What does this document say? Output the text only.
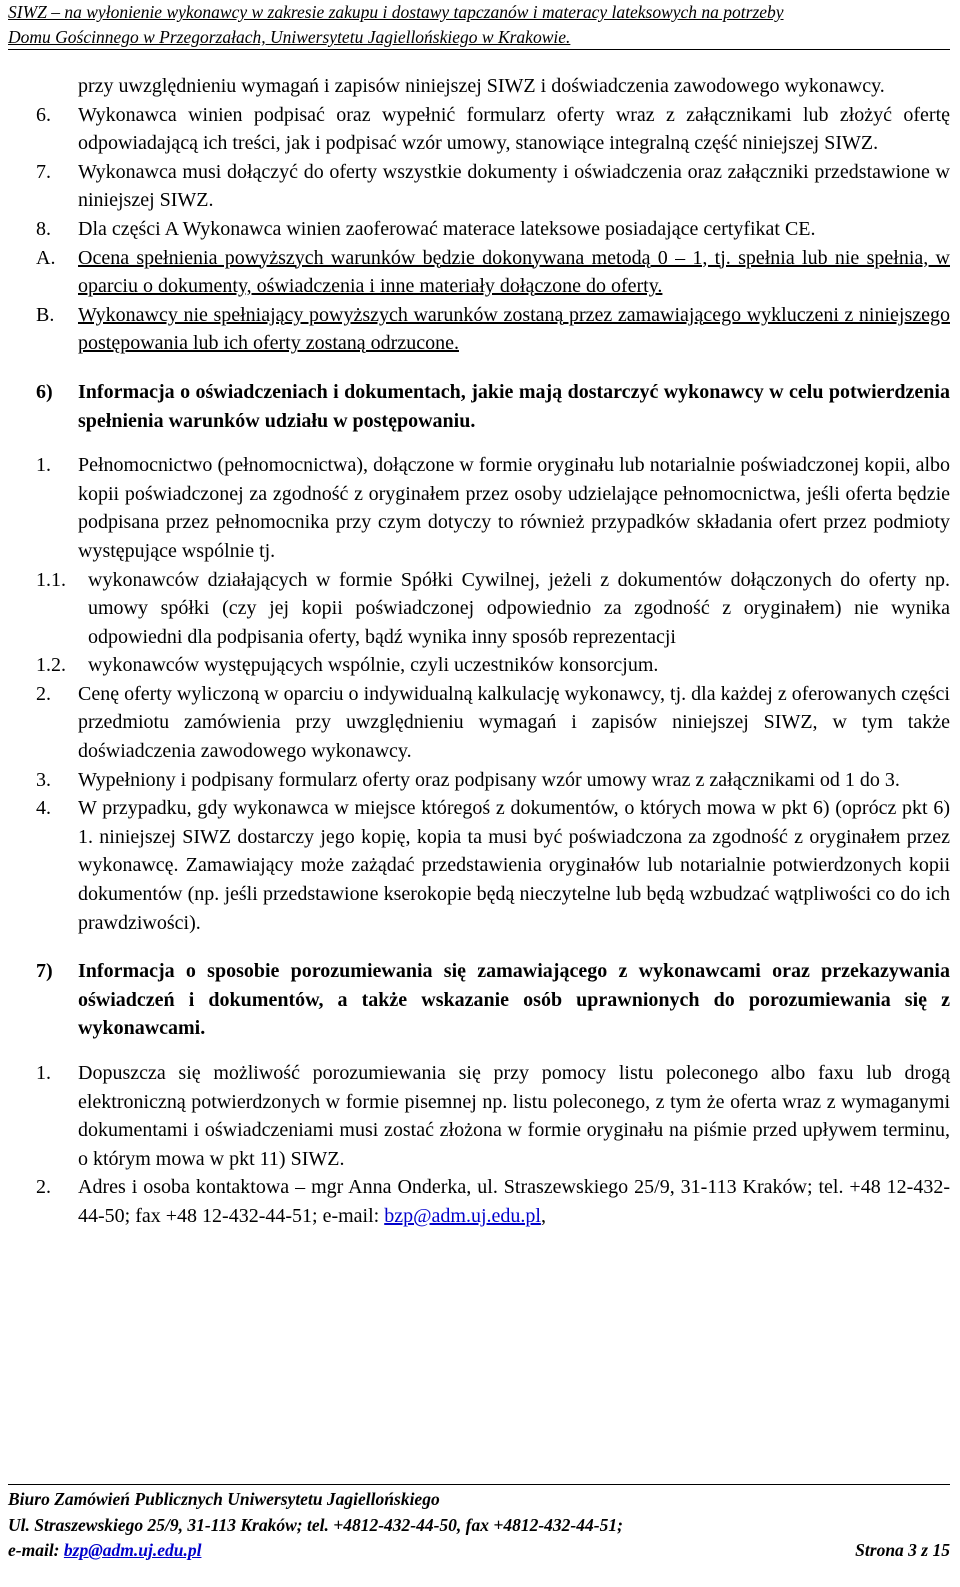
SIWZ – na wyłonienie wykonawcy w zakresie zakupu i dostawy tapczanów i materacy lateksowych na potrzeby
Domu Gościnnego w Przegorzałach, Uniwersytetu Jagiellońskiego w Krakowie.
przy uwzględnieniu wymagań i zapisów niniejszej SIWZ i doświadczenia zawodowego wykonawcy.
6.	Wykonawca winien podpisać oraz wypełnić formularz oferty wraz z załącznikami lub złożyć ofertę odpowiadającą ich treści, jak i podpisać wzór umowy, stanowiące integralną część niniejszej SIWZ.
7.	Wykonawca musi dołączyć do oferty wszystkie dokumenty i oświadczenia oraz załączniki przedstawione w niniejszej SIWZ.
8.	Dla części A Wykonawca winien zaoferować materace lateksowe posiadające certyfikat CE.
A.	Ocena spełnienia powyższych warunków będzie dokonywana metodą 0 – 1, tj. spełnia lub nie spełnia, w oparciu o dokumenty, oświadczenia i inne materiały dołączone do oferty.
B.	Wykonawcy nie spełniający powyższych warunków zostaną przez zamawiającego wykluczeni z niniejszego postępowania lub ich oferty zostaną odrzucone.
6)	Informacja o oświadczeniach i dokumentach, jakie mają dostarczyć wykonawcy w celu potwierdzenia spełnienia warunków udziału w postępowaniu.
1.	Pełnomocnictwo (pełnomocnictwa), dołączone w formie oryginału lub notarialnie poświadczonej kopii, albo kopii poświadczonej za zgodność z oryginałem przez osoby udzielające pełnomocnictwa, jeśli oferta będzie podpisana przez pełnomocnika przy czym dotyczy to również przypadków składania ofert przez podmioty występujące wspólnie tj.
1.1.	wykonawców działających w formie Spółki Cywilnej, jeżeli z dokumentów dołączonych do oferty np. umowy spółki (czy jej kopii poświadczonej odpowiednio za zgodność z oryginałem) nie wynika odpowiedni dla podpisania oferty, bądź wynika inny sposób reprezentacji
1.2.	wykonawców występujących wspólnie, czyli uczestników konsorcjum.
2.	Cenę oferty wyliczoną w oparciu o indywidualną kalkulację wykonawcy, tj. dla każdej z oferowanych części przedmiotu zamówienia przy uwzględnieniu wymagań i zapisów niniejszej SIWZ, w tym także doświadczenia zawodowego wykonawcy.
3.	Wypełniony i podpisany formularz oferty oraz podpisany wzór umowy wraz z załącznikami od 1 do 3.
4.	W przypadku, gdy wykonawca w miejsce któregoś z dokumentów, o których mowa w pkt 6) (oprócz pkt 6) 1. niniejszej SIWZ dostarczy jego kopię, kopia ta musi być poświadczona za zgodność z oryginałem przez wykonawcę. Zamawiający może zażądać przedstawienia oryginałów lub notarialnie potwierdzonych kopii dokumentów (np. jeśli przedstawione kserokopie będą nieczytelne lub będą wzbudzać wątpliwości co do ich prawdziwości).
7)	Informacja o sposobie porozumiewania się zamawiającego z wykonawcami oraz przekazywania oświadczeń i dokumentów, a także wskazanie osób uprawnionych do porozumiewania się z wykonawcami.
1.	Dopuszcza się możliwość porozumiewania się przy pomocy listu poleconego albo faxu lub drogą elektroniczną potwierdzonych w formie pisemnej np. listu poleconego, z tym że oferta wraz z wymaganymi dokumentami i oświadczeniami musi zostać złożona w formie oryginału na piśmie przed upływem terminu, o którym mowa w pkt 11) SIWZ.
2.	Adres i osoba kontaktowa – mgr Anna Onderka, ul. Straszewskiego 25/9, 31-113 Kraków; tel. +48 12-432-44-50; fax +48 12-432-44-51; e-mail: bzp@adm.uj.edu.pl,
Biuro Zamówień Publicznych Uniwersytetu Jagiellońskiego
Ul. Straszewskiego 25/9, 31-113 Kraków; tel. +4812-432-44-50, fax +4812-432-44-51;
e-mail: bzp@adm.uj.edu.pl	Strona 3 z 15
